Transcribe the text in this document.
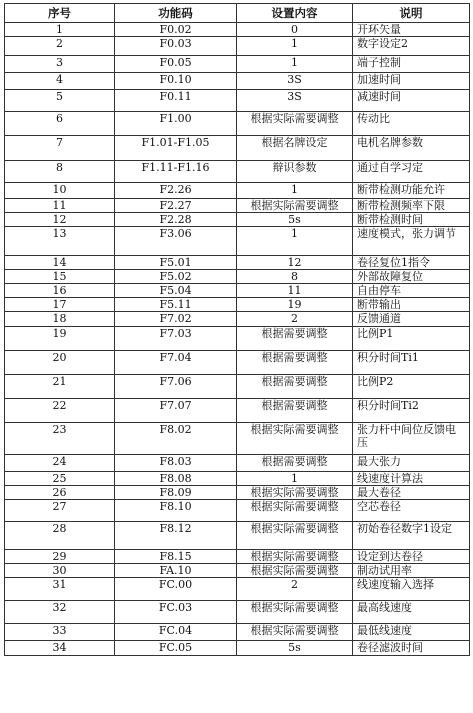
序号	功能码	设置内容	说明
1	F0.02	0	开环矢量
2	F0.03	1	数字设定2
3	F0.05	1	端子控制
4	F0.10	3S	加速时间
5	F0.11	3S	减速时间
6	F1.00	根据实际需要调整	传动比
7	F1.01-F1.05	根据名牌设定	电机名牌参数
8	F1.11-F1.16	辩识参数	通过自学习定
10	F2.26	1	断带检测功能允许
11	F2.27	根据实际需要调整	断带检测频率下限
12	F2.28	5s	断带检测时间
13	F3.06	1	速度模式，张力调节
14	F5.01	12	卷径复位1指令
15	F5.02	8	外部故障复位
16	F5.04	11	自由停车
17	F5.11	19	断带输出
18	F7.02	2	反馈通道
19	F7.03	根据需要调整	比例P1
20	F7.04	根据需要调整	积分时间Ti1
21	F7.06	根据需要调整	比例P2
22	F7.07	根据需要调整	积分时间Ti2
23	F8.02	根据实际需要调整	张力杆中间位反馈电压
24	F8.03	根据需要调整	最大张力
25	F8.08	1	线速度计算法
26	F8.09	根据实际需要调整	最大卷径
27	F8.10	根据实际需要调整	空芯卷径
28	F8.12	根据实际需要调整	初始卷径数字1设定
29	F8.15	根据实际需要调整	设定到达卷径
30	FA.10	根据实际需要调整	制动试用率
31	FC.00	2	线速度输入选择
32	FC.03	根据实际需要调整	最高线速度
33	FC.04	根据实际需要调整	最低线速度
34	FC.05	5s	卷径滤波时间
